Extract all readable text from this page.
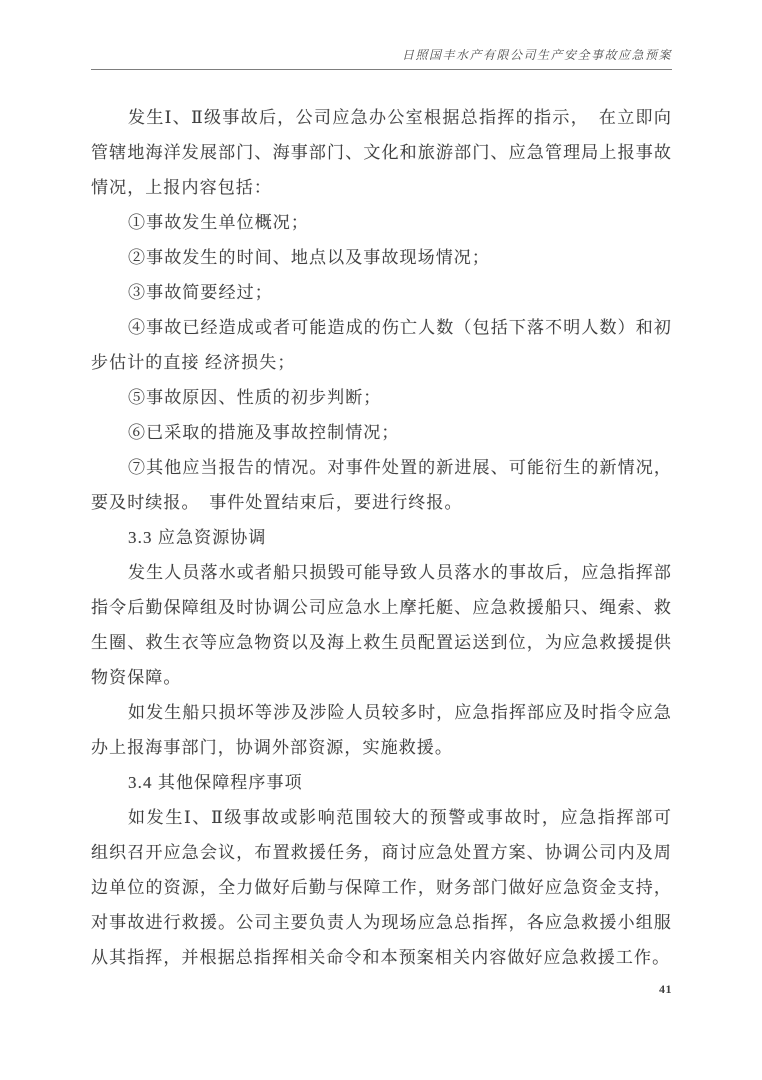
日照国丰水产有限公司生产安全事故应急预案

发生Ⅰ、Ⅱ级事故后，公司应急办公室根据总指挥的指示，　在立即向管辖地海洋发展部门、海事部门、文化和旅游部门、应急管理局上报事故情况，上报内容包括：

①事故发生单位概况；

②事故发生的时间、地点以及事故现场情况；

③事故简要经过；

④事故已经造成或者可能造成的伤亡人数（包括下落不明人数）和初步估计的直接 经济损失；

⑤事故原因、性质的初步判断；

⑥已采取的措施及事故控制情况；

⑦其他应当报告的情况。对事件处置的新进展、可能衍生的新情况，要及时续报。　事件处置结束后，要进行终报。

3.3 应急资源协调

发生人员落水或者船只损毁可能导致人员落水的事故后，应急指挥部指令后勤保障组及时协调公司应急水上摩托艇、应急救援船只、绳索、救生圈、救生衣等应急物资以及海上救生员配置运送到位，为应急救援提供物资保障。

如发生船只损坏等涉及涉险人员较多时，应急指挥部应及时指令应急办上报海事部门，协调外部资源，实施救援。

3.4 其他保障程序事项

如发生Ⅰ、Ⅱ级事故或影响范围较大的预警或事故时，应急指挥部可组织召开应急会议，布置救援任务，商讨应急处置方案、协调公司内及周边单位的资源，全力做好后勤与保障工作，财务部门做好应急资金支持，对事故进行救援。公司主要负责人为现场应急总指挥，各应急救援小组服从其指挥，并根据总指挥相关命令和本预案相关内容做好应急救援工作。

41
